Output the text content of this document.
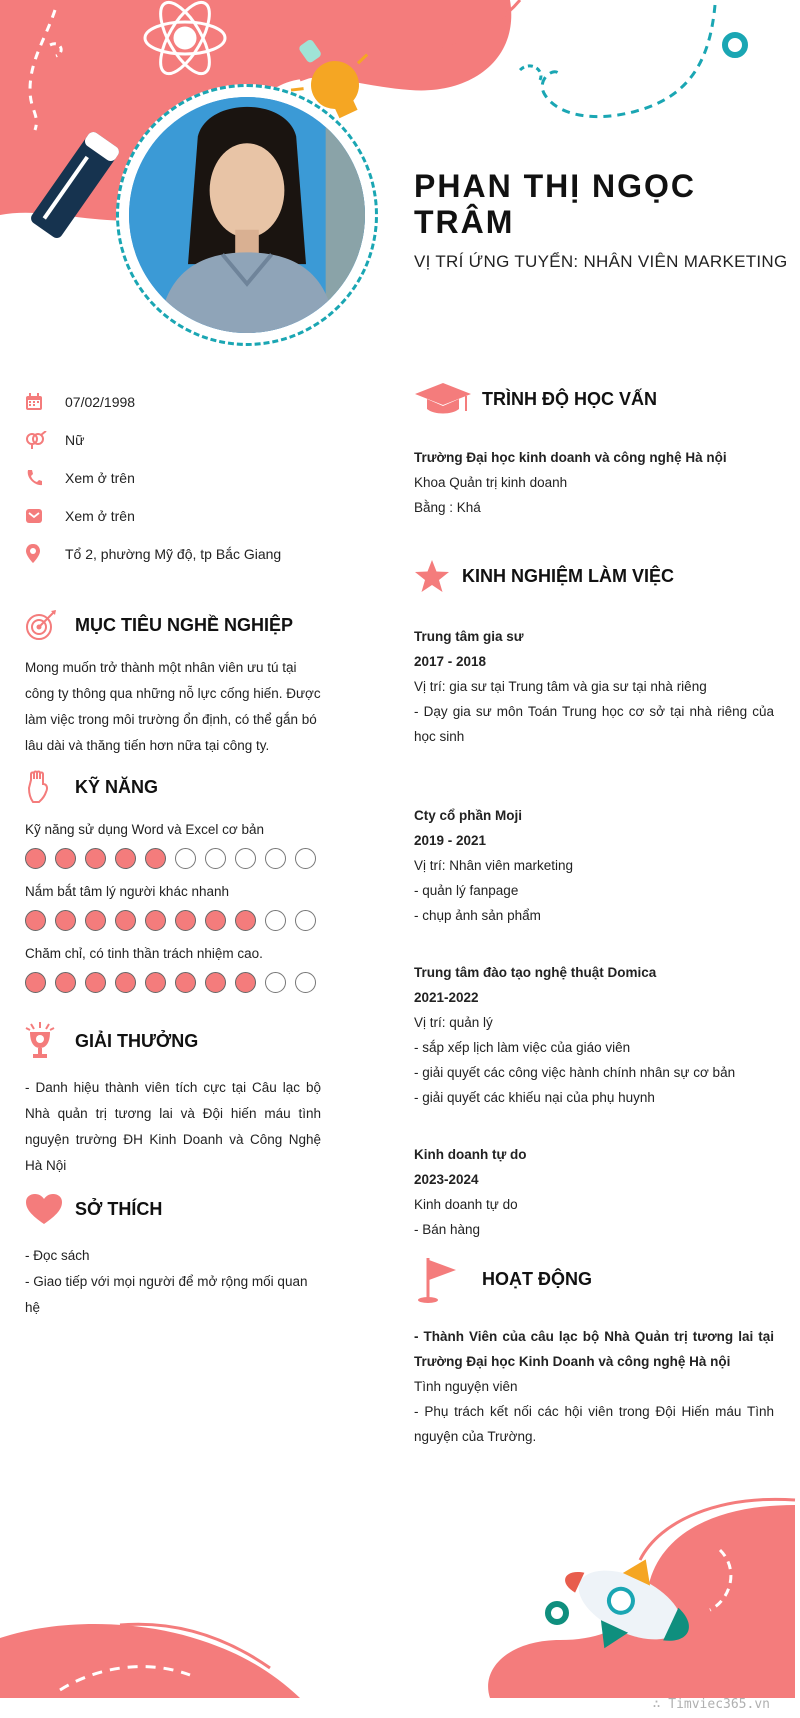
PHAN THỊ NGỌC TRÂM
VỊ TRÍ ỨNG TUYỂN: NHÂN VIÊN MARKETING
07/02/1998
Nữ
Xem ở trên
Xem ở trên
Tổ 2, phường Mỹ độ, tp Bắc Giang
MỤC TIÊU NGHỀ NGHIỆP

Mong muốn trở thành một nhân viên ưu tú tại công ty thông qua những nỗ lực cống hiến. Được làm việc trong môi trường ổn định, có thể gắn bó lâu dài và thăng tiến hơn nữa tại công ty.

KỸ NĂNG
Kỹ năng sử dụng Word và Excel cơ bản
Nắm bắt tâm lý người khác nhanh
Chăm chỉ, có tinh thần trách nhiệm cao.
GIẢI THƯỞNG

- Danh hiệu thành viên tích cực tại Câu lạc bộ Nhà quản trị tương lai và Đội hiến máu tình nguyện trường ĐH Kinh Doanh và Công Nghệ Hà Nội

SỞ THÍCH

- Đọc sách

- Giao tiếp với mọi người để mở rộng mối quan hệ

TRÌNH ĐỘ HỌC VẤN
Trường Đại học kinh doanh và công nghệ Hà nội
Khoa Quản trị kinh doanh
Bằng : Khá
KINH NGHIỆM LÀM VIỆC
Trung tâm gia sư
2017 - 2018
Vị trí: gia sư tại Trung tâm và gia sư tại nhà riêng
- Dạy gia sư môn Toán Trung học cơ sở tại nhà riêng của học sinh
Cty cổ phần Moji
2019 - 2021
Vị trí: Nhân viên marketing
- quản lý fanpage
- chụp ảnh sản phẩm
Trung tâm đào tạo nghệ thuật Domica
2021-2022
Vị trí: quản lý
- sắp xếp lịch làm việc của giáo viên
- giải quyết các công việc hành chính nhân sự cơ bản
- giải quyết các khiếu nại của phụ huynh
Kinh doanh tự do
2023-2024
Kinh doanh tự do
- Bán hàng
HOẠT ĐỘNG
- Thành Viên của câu lạc bộ Nhà Quản trị tương lai tại Trường Đại học Kinh Doanh và công nghệ Hà nội
Tình nguyện viên
- Phụ trách kết nối các hội viên trong Đội Hiến máu Tình nguyện của Trường.
∴ Timviec365.vn
